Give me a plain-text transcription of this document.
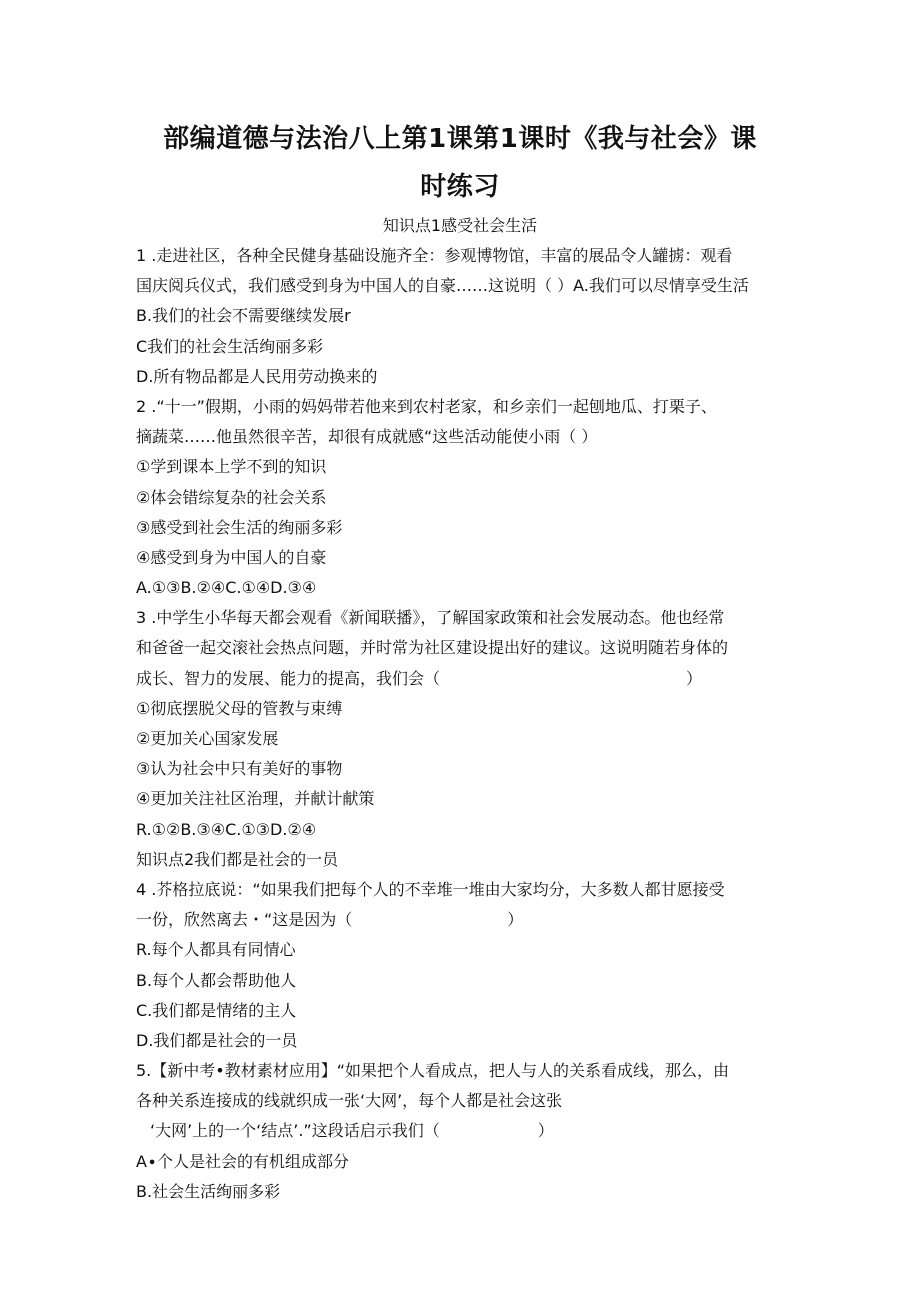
部编道德与法治八上第1课第1课时《我与社会》课
时练习
知识点1感受社会生活
1 .走进社区，各种全民健身基础设施齐全：参观博物馆，丰富的展品令人罐掳：观看
国庆阅兵仪式，我们感受到身为中国人的自豪……这说明（ ）A.我们可以尽情享受生活
B.我们的社会不需要继续发展r
C我们的社会生活绚丽多彩
D.所有物品都是人民用劳动换来的
2 .“十一”假期，小雨的妈妈带若他来到农村老家，和乡亲们一起刨地瓜、打栗子、
摘蔬菜……他虽然很辛苦，却很有成就感“这些活动能使小雨（ ）
①学到课本上学不到的知识
②体会错综复杂的社会关系
③感受到社会生活的绚丽多彩
④感受到身为中国人的自豪
A.①③B.②④C.①④D.③④
3 .中学生小华每天都会观看《新闻联播》，了解国家政策和社会发展动态。他也经常
和爸爸一起交滚社会热点问题，并时常为社区建设提出好的建议。这说明随若身体的
成长、智力的发展、能力的提高，我们会（	）
①彻底摆脱父母的管教与束缚
②更加关心国家发展
③认为社会中只有美好的事物
④更加关注社区治理，并献计献策
R.①②B.③④C.①③D.②④
知识点2我们都是社会的一员
4 .芥格拉底说：“如果我们把每个人的不幸堆一堆由大家均分，大多数人都甘愿接受
一份，欣然离去・“这是因为（	）
R.每个人都具有同情心
B.每个人都会帮助他人
C.我们都是情绪的主人
D.我们都是社会的一员
5.【新中考•教材素材应用】“如果把个人看成点，把人与人的关系看成线，那么，由
各种关系连接成的线就织成一张‘大网’，每个人都是社会这张
‘大网’上的一个‘结点’.”这段话启示我们（	）
A∙个人是社会的有机组成部分
B.社会生活绚丽多彩
